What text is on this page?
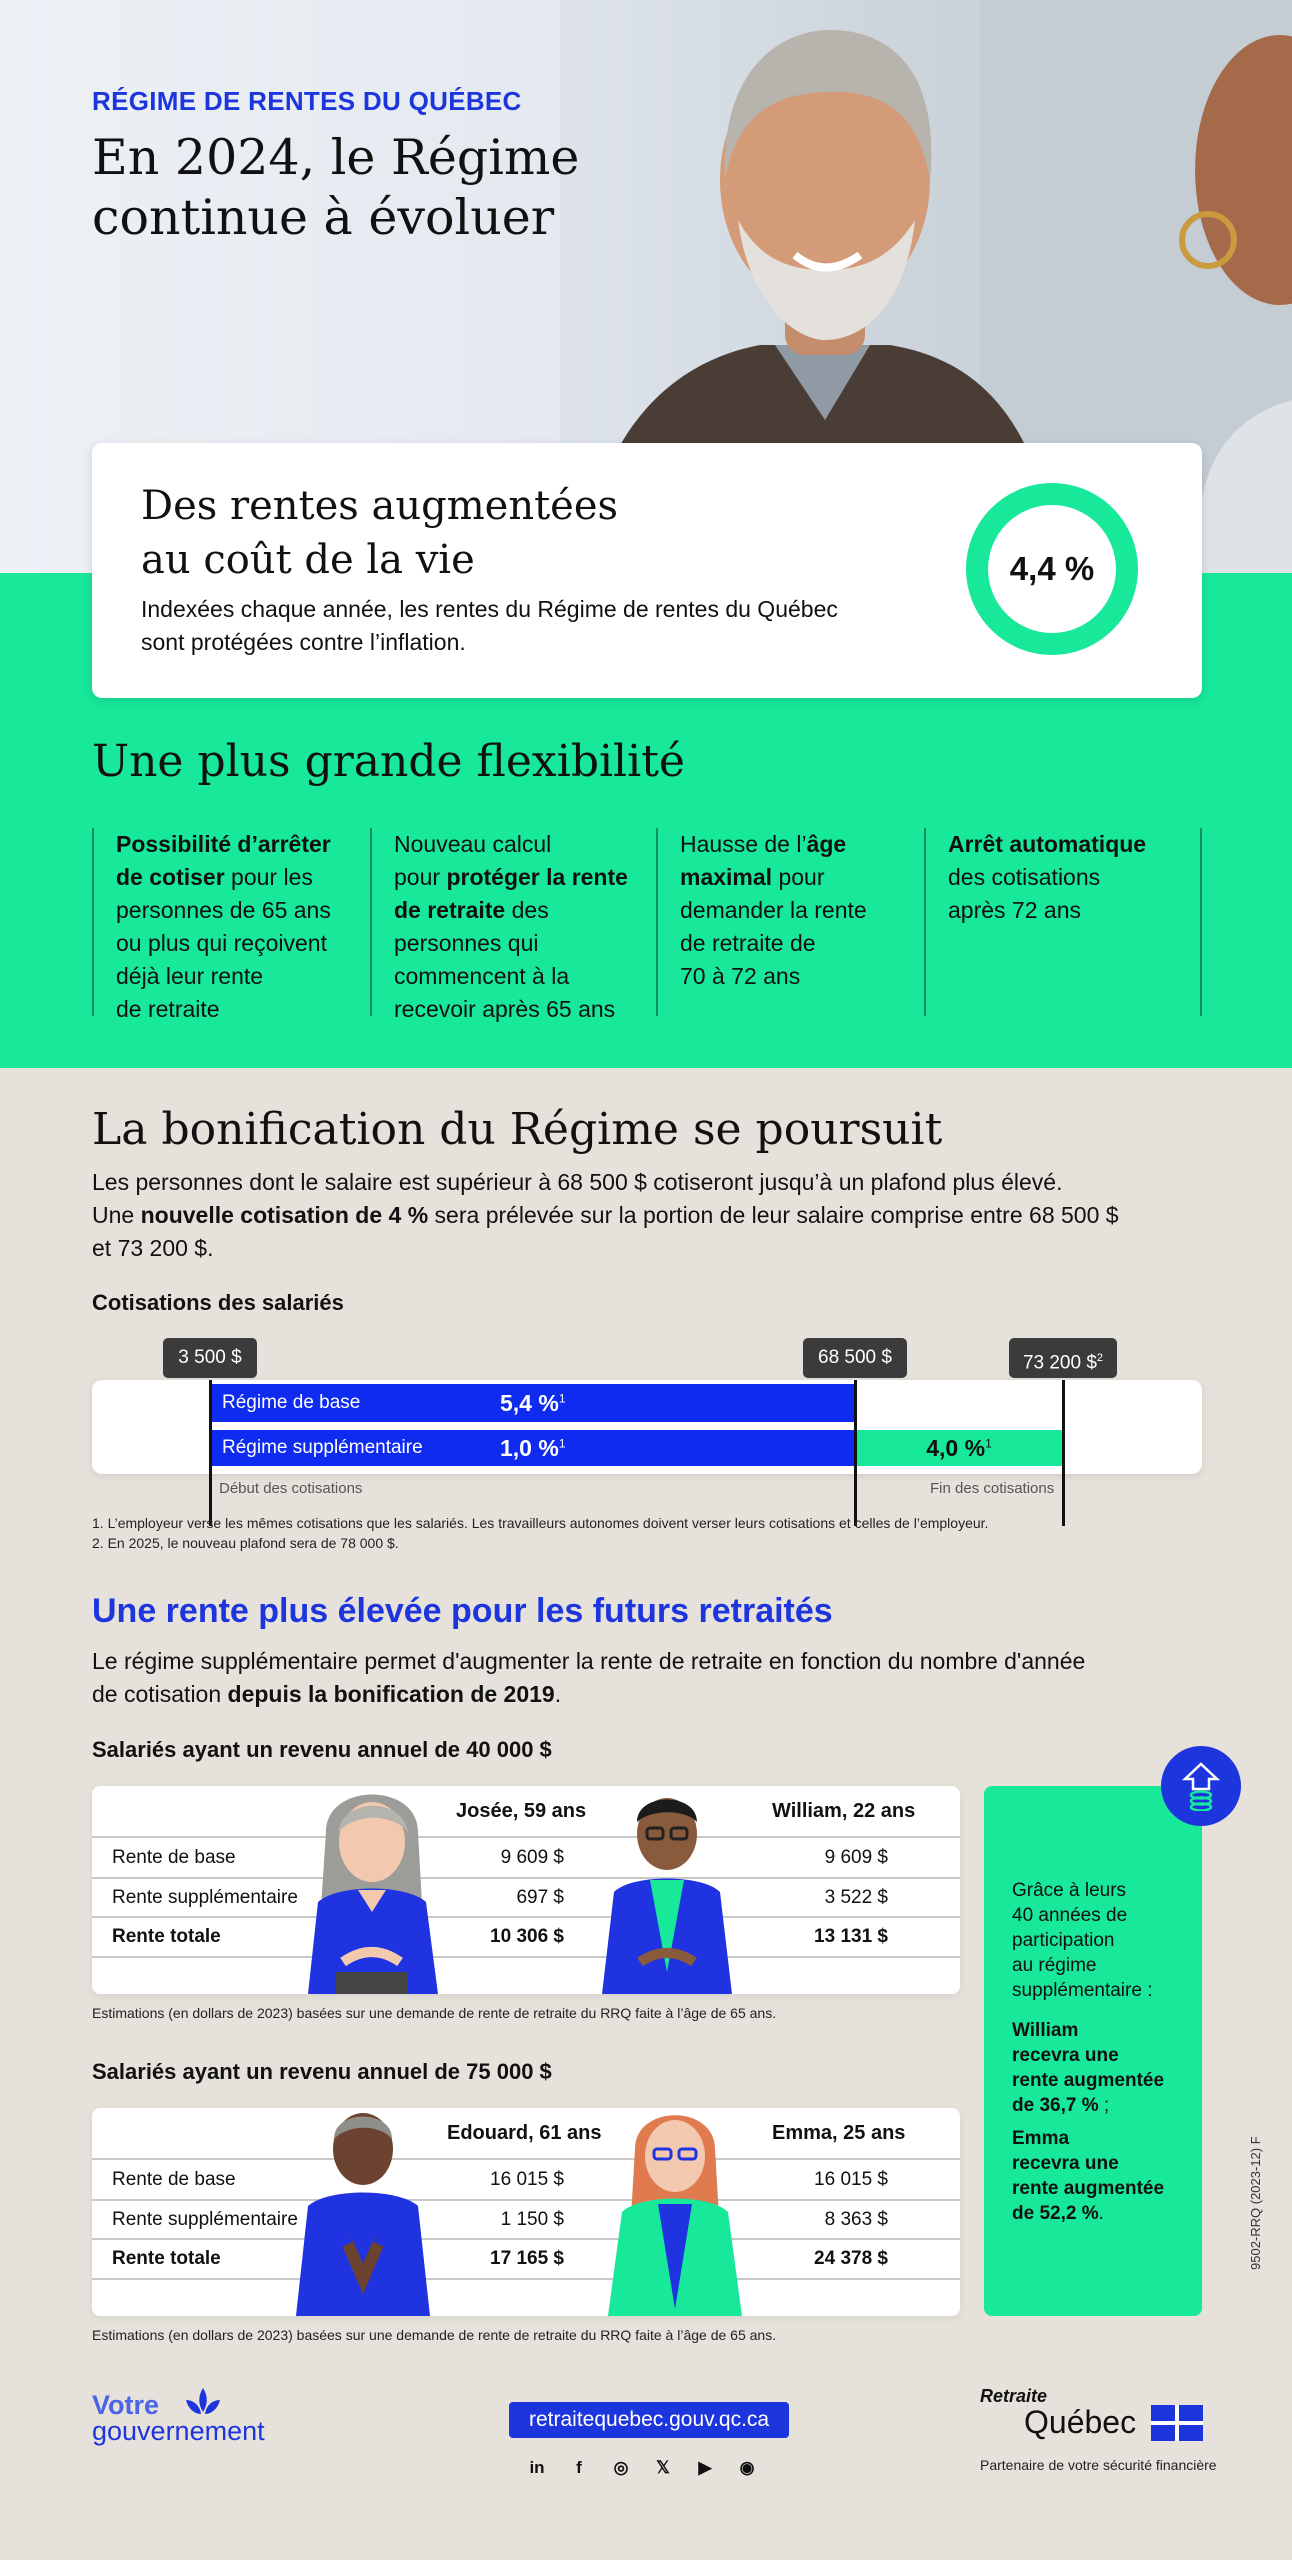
RÉGIME DE RENTES DU QUÉBEC
En 2024, le Régime
continue à évoluer
Des rentes augmentées
au coût de la vie
Indexées chaque année, les rentes du Régime de rentes du Québec
sont protégées contre l’inflation.
4,4 %
Une plus grande flexibilité
Possibilité d’arrêter
de cotiser pour les
personnes de 65 ans
ou plus qui reçoivent
déjà leur rente
de retraite
Nouveau calcul
pour protéger la rente
de retraite des
personnes qui
commencent à la
recevoir après 65 ans
Hausse de l’âge
maximal pour
demander la rente
de retraite de
70 à 72 ans
Arrêt automatique
des cotisations
après 72 ans
La bonification du Régime se poursuit
Les personnes dont le salaire est supérieur à 68 500 $ cotiseront jusqu’à un plafond plus élevé.
Une nouvelle cotisation de 4 % sera prélevée sur la portion de leur salaire comprise entre 68 500 $
et 73 200 $.
Cotisations des salariés
Régime de base	5,4 %$^1$
Régime supplémentaire	1,0 %$^1$	4,0 %$^1$
3 500 $	68 500 $	73 200 \$$^2$
Début des cotisations	Fin des cotisations
1. L’employeur verse les mêmes cotisations que les salariés. Les travailleurs autonomes doivent verser leurs cotisations et celles de l’employeur.
2. En 2025, le nouveau plafond sera de 78 000 $.
Une rente plus élevée pour les futurs retraités
Le régime supplémentaire permet d'augmenter la rente de retraite en fonction du nombre d'année
de cotisation depuis la bonification de 2019.
Salariés ayant un revenu annuel de 40 000 $
Josée, 59 ans	William, 22 ans
Rente de base	9 609 $	9 609 $
Rente supplémentaire	697 $	3 522 $
Rente totale	10 306 $	13 131 $
Estimations (en dollars de 2023) basées sur une demande de rente de retraite du RRQ faite à l’âge de 65 ans.
Salariés ayant un revenu annuel de 75 000 $
Edouard, 61 ans	Emma, 25 ans
Rente de base	16 015 $	16 015 $
Rente supplémentaire	1 150 $	8 363 $
Rente totale	17 165 $	24 378 $
Estimations (en dollars de 2023) basées sur une demande de rente de retraite du RRQ faite à l’âge de 65 ans.
Grâce à leurs
40 années de
participation
au régime
supplémentaire :
William
recevra une
rente augmentée
de 36,7 % ;
Emma
recevra une
rente augmentée
de 52,2 %.
Votre
gouvernement	retraitequebec.gouv.qc.ca
in	f	◎	𝕏	▶	◉
Retraite
Québec
Partenaire de votre sécurité financière
